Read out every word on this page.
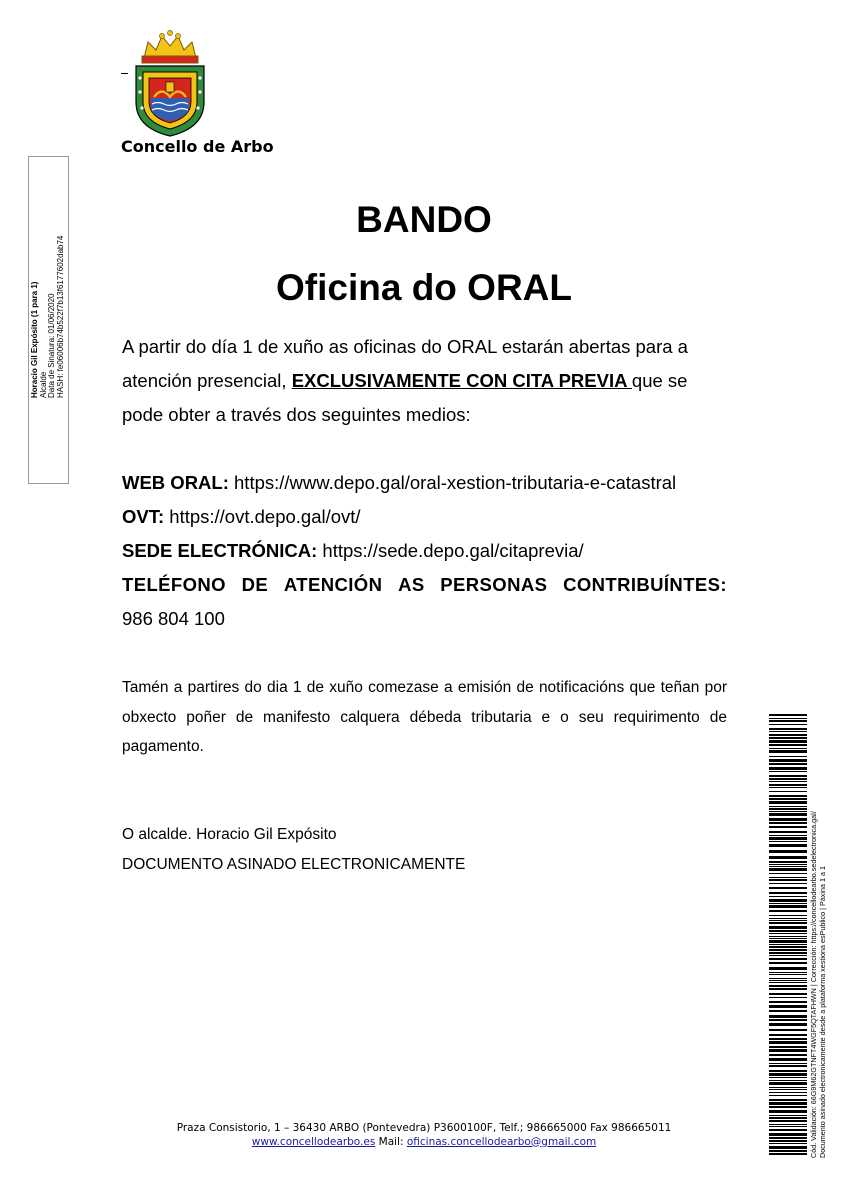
Concello de Arbo
Horacio Gil Expósito (1 para 1) Alcalde Data de Sinatura: 01/06/2020 HASH: fe06006b74b522f7b13f6177602dab74
BANDO
Oficina do ORAL
A partir do día 1 de xuño as oficinas do ORAL estarán abertas para a atención presencial, EXCLUSIVAMENTE CON CITA PREVIA que se pode obter a través dos seguintes medios:
WEB ORAL: https://www.depo.gal/oral-xestion-tributaria-e-catastral
OVT: https://ovt.depo.gal/ovt/
SEDE ELECTRÓNICA: https://sede.depo.gal/citaprevia/
TELÉFONO DE ATENCIÓN AS PERSONAS CONTRIBUÍNTES:
986 804 100
Tamén a partires do dia 1 de xuño comezase a emisión de notificacións que teñan por obxecto poñer de manifesto calquera débeda tributaria e o seu requirimento de pagamento.
O alcalde. Horacio Gil Expósito
DOCUMENTO ASINADO ELECTRONICAMENTE	Cód. Validación: 66G9M62GTNFT4WGF5QTAFHWN | Corrección: https://concellodearbo.sedelectronica.gal/ Documento asinado electronicamente desde a plataforma xestiona esPublico | Páxina 1 a 1
Praza Consistorio, 1 – 36430 ARBO (Pontevedra) P3600100F, Telf.; 986665000 Fax 986665011
www.concellodearbo.es Mail: oficinas.concellodearbo@gmail.com
